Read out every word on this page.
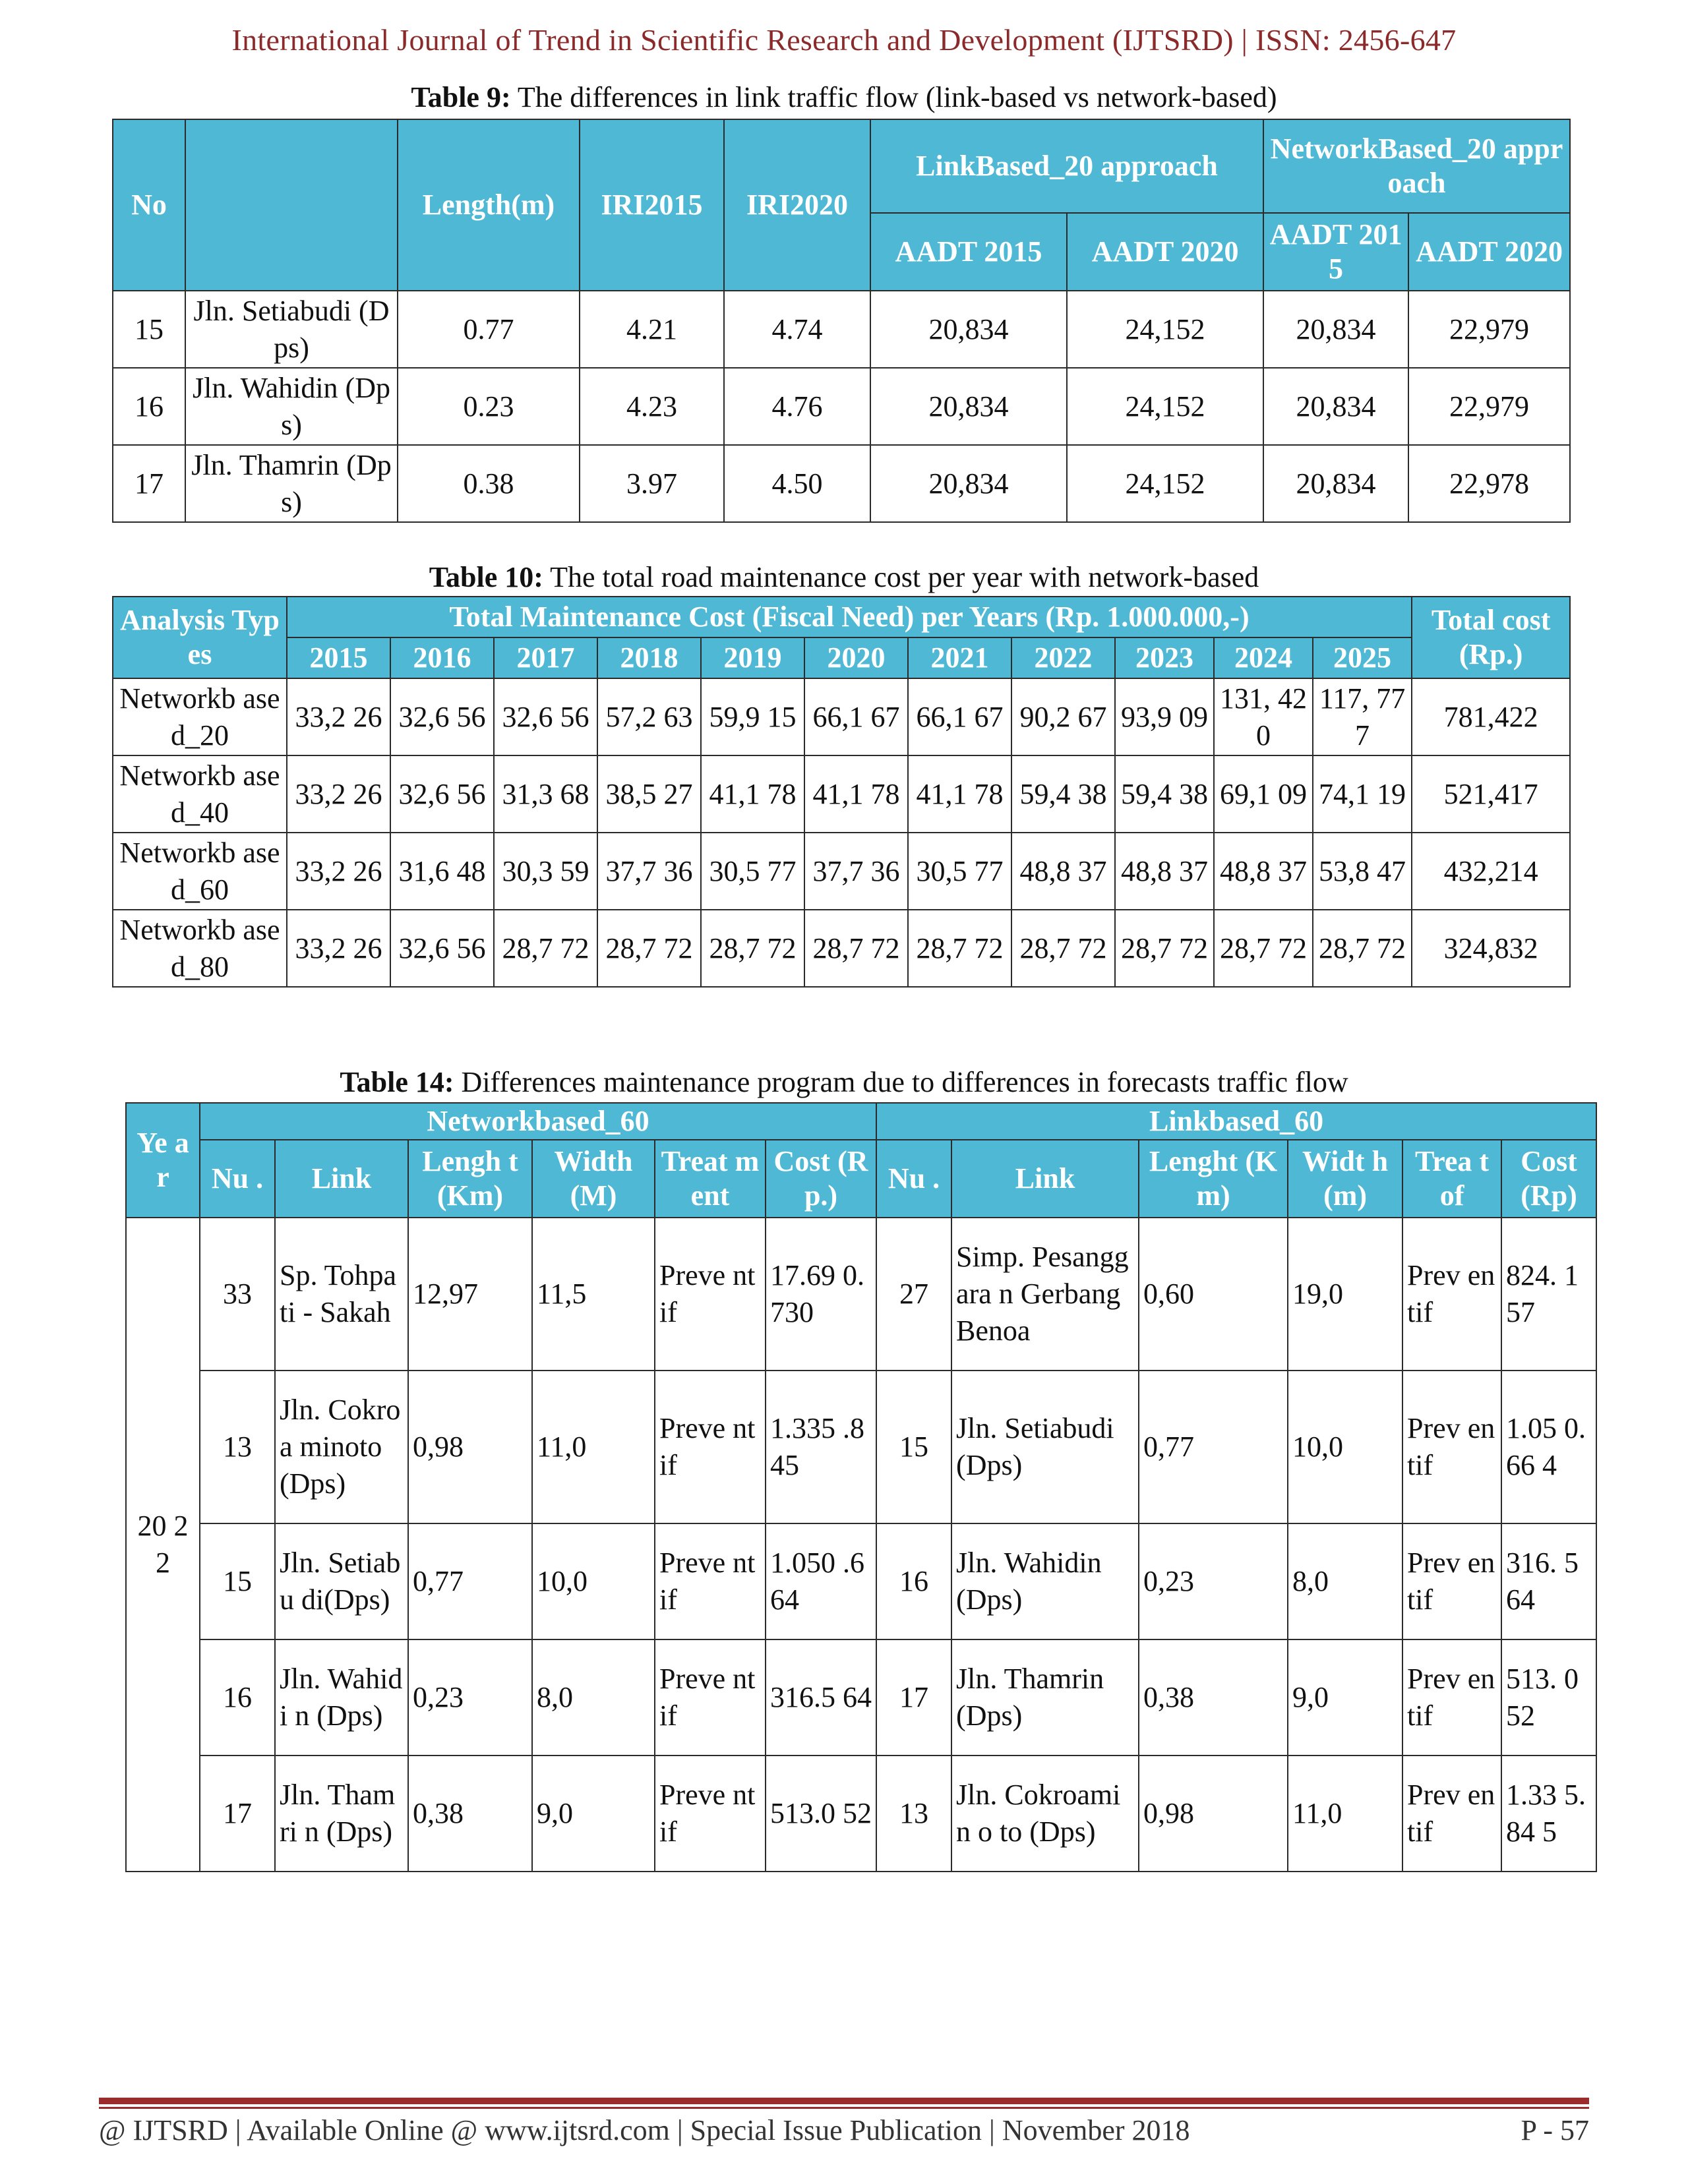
International Journal of Trend in Scientific Research and Development (IJTSRD) | ISSN: 2456-647
Table 9: The differences in link traffic flow (link-based vs network-based)
No		Length(m)	IRI2015	IRI2020	LinkBased_20 approach		NetworkBased_20 approach	
					AADT 2015	AADT 2020	AADT 2015	AADT 2020
15	Jln. Setiabudi (Dps)	0.77	4.21	4.74	20,834	24,152	20,834	22,979
16	Jln. Wahidin (Dps)	0.23	4.23	4.76	20,834	24,152	20,834	22,979
17	Jln. Thamrin (Dps)	0.38	3.97	4.50	20,834	24,152	20,834	22,978
Table 10: The total road maintenance cost per year with network-based
Analysis Types	Total Maintenance Cost (Fiscal Need) per Years (Rp. 1.000.000,-)											Total cost(Rp.)
	2015	2016	2017	2018	2019	2020	2021	2022	2023	2024	2025	
Networkb ased_20	33,2 26	32,6 56	32,6 56	57,2 63	59,9 15	66,1 67	66,1 67	90,2 67	93,9 09	131, 420	117, 777	781,422
Networkb ased_40	33,2 26	32,6 56	31,3 68	38,5 27	41,1 78	41,1 78	41,1 78	59,4 38	59,4 38	69,1 09	74,1 19	521,417
Networkb ased_60	33,2 26	31,6 48	30,3 59	37,7 36	30,5 77	37,7 36	30,5 77	48,8 37	48,8 37	48,8 37	53,8 47	432,214
Networkb ased_80	33,2 26	32,6 56	28,7 72	28,7 72	28,7 72	28,7 72	28,7 72	28,7 72	28,7 72	28,7 72	28,7 72	324,832
Table 14: Differences maintenance program due to differences in forecasts traffic flow
Ye ar	Networkbased_60						Linkbased_60					
	Nu .	Link	Lengh t(Km)	Width (M)	Treat ment	Cost (Rp.)	Nu .	Link	Lenght (Km)	Widt h(m)	Trea t of	Cost (Rp)
20 22	33	Sp. Tohpati - Sakah	12,97	11,5	Preve ntif	17.69 0.730	27	Simp. Pesanggara n Gerbang Benoa	0,60	19,0	Prev entif	824. 157
	13	Jln. Cokroa minoto (Dps)	0,98	11,0	Preve ntif	1.335 .845	15	Jln. Setiabudi (Dps)	0,77	10,0	Prev entif	1.05 0.66 4
	15	Jln. Setiabu di(Dps)	0,77	10,0	Preve ntif	1.050 .664	16	Jln. Wahidin (Dps)	0,23	8,0	Prev entif	316. 564
	16	Jln. Wahidi n (Dps)	0,23	8,0	Preve ntif	316.5 64	17	Jln. Thamrin (Dps)	0,38	9,0	Prev entif	513. 052
	17	Jln. Thamri n (Dps)	0,38	9,0	Preve ntif	513.0 52	13	Jln. Cokroamin o to (Dps)	0,98	11,0	Prev entif	1.33 5.84 5
@ IJTSRD | Available Online @ www.ijtsrd.com | Special Issue Publication | November 2018	P - 57
